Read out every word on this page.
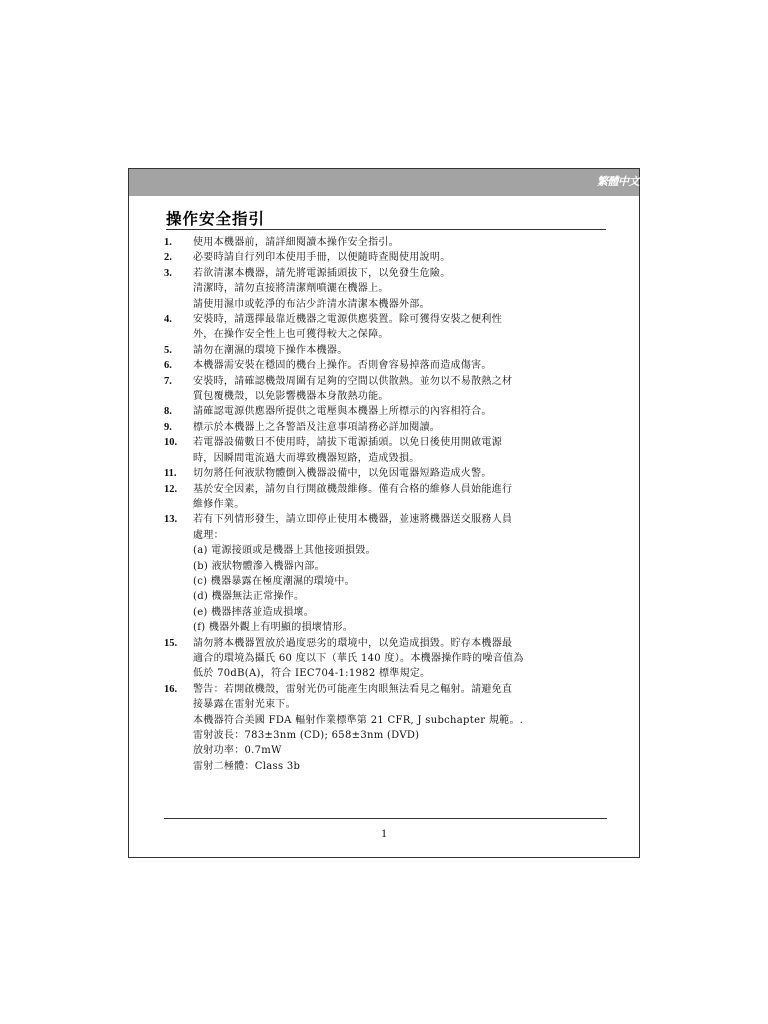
繁體中文
操作安全指引
1.	使用本機器前，請詳細閱讀本操作安全指引。
2.	必要時請自行列印本使用手冊，以便隨時查閱使用說明。
3.	若欲清潔本機器，請先將電源插頭拔下，以免發生危險。
清潔時，請勿直接將清潔劑噴灑在機器上。
請使用濕巾或乾淨的布沾少許清水清潔本機器外部。
4.	安裝時，請選擇最靠近機器之電源供應裝置。除可獲得安裝之便利性
外，在操作安全性上也可獲得較大之保障。
5.	請勿在潮濕的環境下操作本機器。
6.	本機器需安裝在穩固的機台上操作。否則會容易掉落而造成傷害。
7.	安裝時，請確認機殼周圍有足夠的空間以供散熱。並勿以不易散熱之材
質包覆機殼，以免影響機器本身散熱功能。
8.	請確認電源供應器所提供之電壓與本機器上所標示的內容相符合。
9.	標示於本機器上之各警語及注意事項請務必詳加閱讀。
10.	若電器設備數日不使用時，請拔下電源插頭。以免日後使用開啟電源
時，因瞬間電流過大而導致機器短路，造成毀損。
11.	切勿將任何液狀物體倒入機器設備中，以免因電器短路造成火警。
12.	基於安全因素，請勿自行開啟機殼維修。僅有合格的維修人員始能進行
維修作業。
13.	若有下列情形發生，請立即停止使用本機器，並速將機器送交服務人員
處理：
(a) 電源接頭或是機器上其他接頭損毀。
(b) 液狀物體滲入機器內部。
(c) 機器暴露在極度潮濕的環境中。
(d) 機器無法正常操作。
(e) 機器摔落並造成損壞。
(f) 機器外觀上有明顯的損壞情形。
15.	請勿將本機器置放於過度惡劣的環境中，以免造成損毀。貯存本機器最
適合的環境為攝氏 60 度以下（華氏 140 度）。本機器操作時的噪音值為
低於 70dB(A)，符合 IEC704-1:1982 標準規定。
16.	警告：若開啟機殼，雷射光仍可能產生肉眼無法看見之輻射。請避免直
接暴露在雷射光束下。
本機器符合美國 FDA 輻射作業標準第 21 CFR, J subchapter 規範。.
雷射波長：783±3nm (CD); 658±3nm (DVD)
放射功率：0.7mW
雷射二極體：Class 3b
1
